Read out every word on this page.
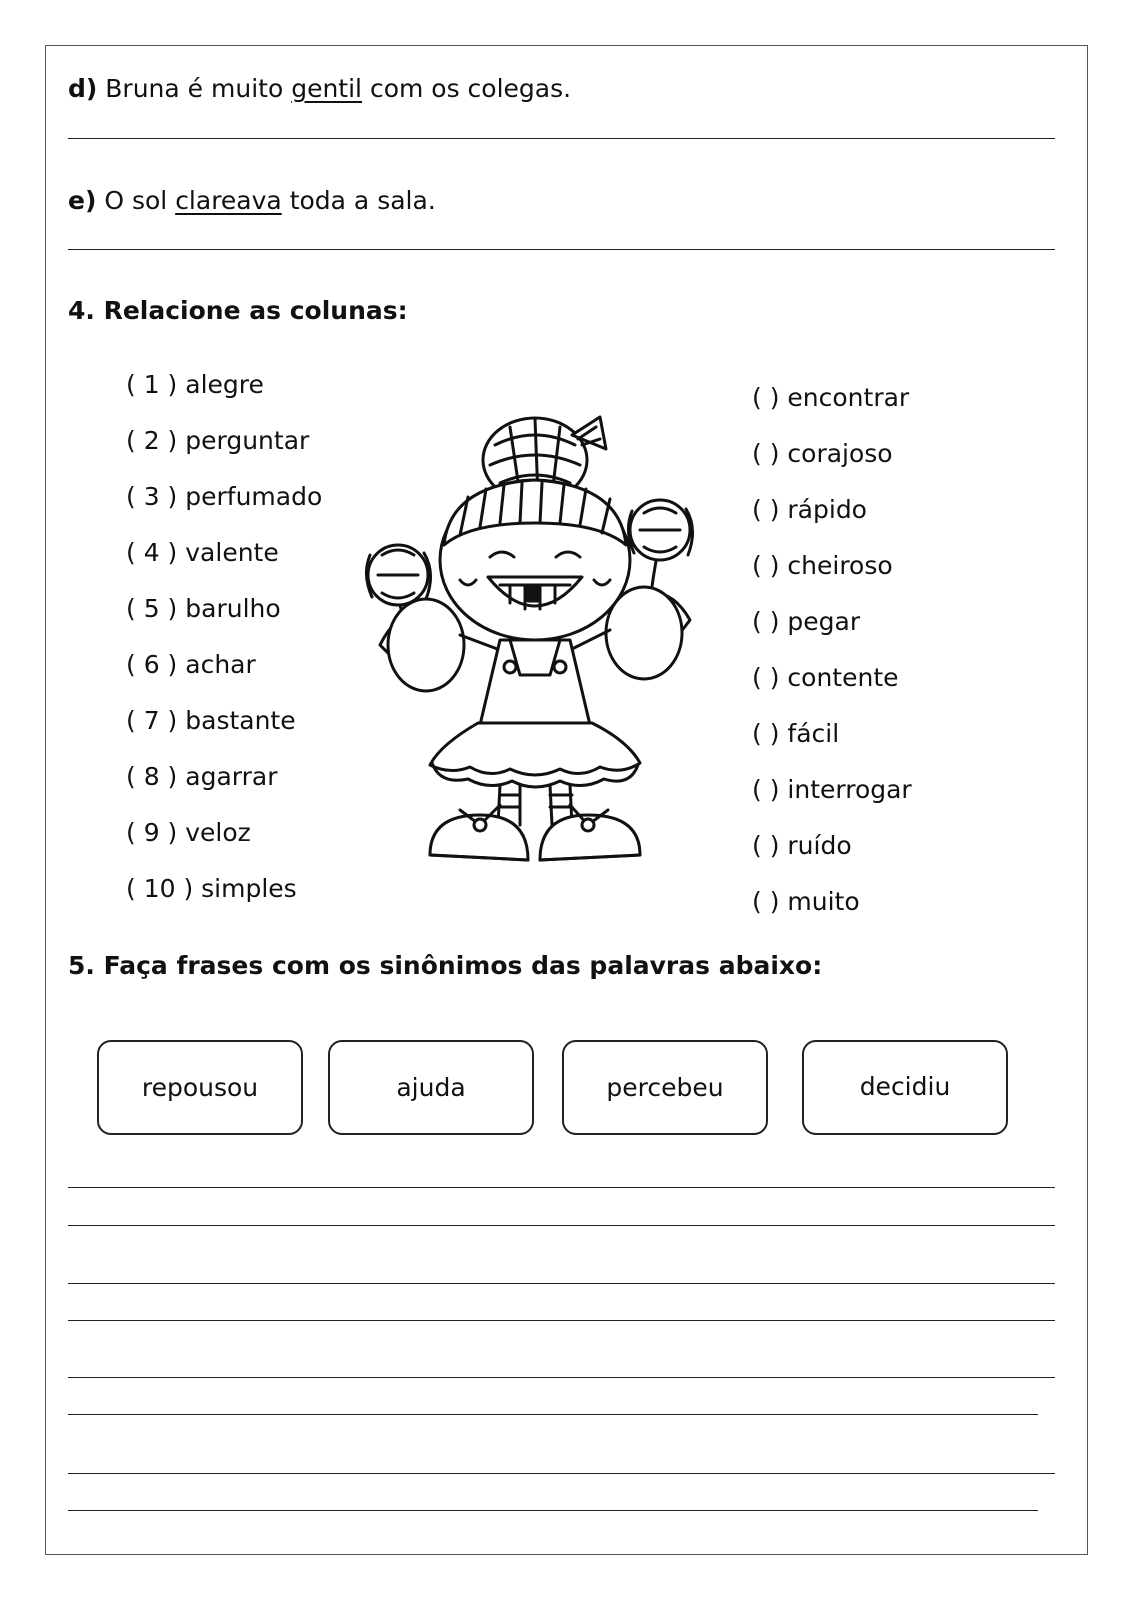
d) Bruna é muito gentil com os colegas.
e) O sol clareava toda a sala.
4. Relacione as colunas:
( 1 ) alegre
( 2 ) perguntar
( 3 ) perfumado
( 4 ) valente
( 5 ) barulho
( 6 ) achar
( 7 ) bastante
( 8 ) agarrar
( 9 ) veloz
( 10 ) simples
( ) encontrar
( ) corajoso
( ) rápido
( ) cheiroso
( ) pegar
( ) contente
( ) fácil
( ) interrogar
( ) ruído
( ) muito
5. Faça frases com os sinônimos das palavras abaixo:
repousou	ajuda	percebeu	decidiu
